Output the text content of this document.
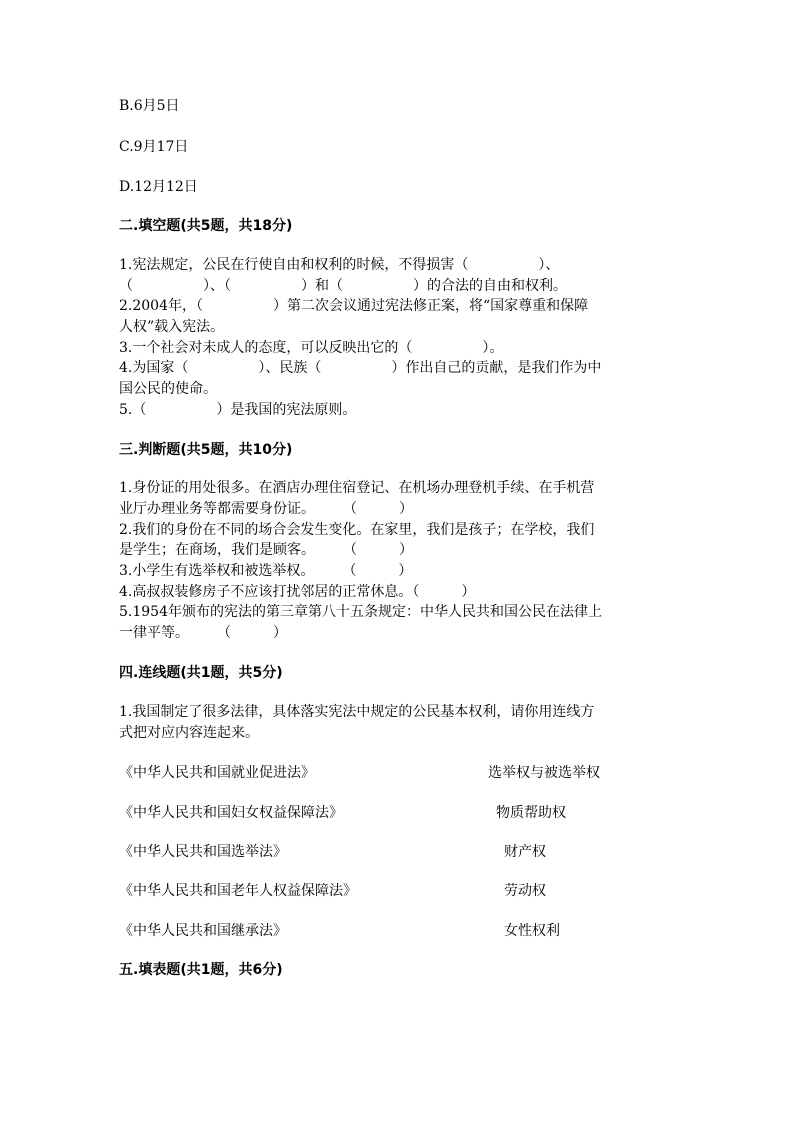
B.6月5日
C.9月17日
D.12月12日
二.填空题(共5题，共18分)
1.宪法规定，公民在行使自由和权利的时候，不得损害（　　　　　）、
（　　　　　）、（　　　　　）和（　　　　　）的合法的自由和权利。
2.2004年，（　　　　　）第二次会议通过宪法修正案，将“国家尊重和保障
人权”载入宪法。
3.一个社会对未成人的态度，可以反映出它的（　　　　　）。
4.为国家（　　　　　）、民族（　　　　　）作出自己的贡献，是我们作为中
国公民的使命。
5.（　　　　　）是我国的宪法原则。
三.判断题(共5题，共10分)
1.身份证的用处很多。在酒店办理住宿登记、在机场办理登机手续、在手机营
业厅办理业务等都需要身份证。　　　（　　　）
2.我们的身份在不同的场合会发生变化。在家里，我们是孩子；在学校，我们
是学生；在商场，我们是顾客。　　　（　　　）
3.小学生有选举权和被选举权。　　　（　　　）
4.高叔叔装修房子不应该打扰邻居的正常休息。（　　　）
5.1954年颁布的宪法的第三章第八十五条规定：中华人民共和国公民在法律上
一律平等。　　　（　　　）
四.连线题(共1题，共5分)
1.我国制定了很多法律，具体落实宪法中规定的公民基本权利，请你用连线方
式把对应内容连起来。
《中华人民共和国就业促进法》	选举权与被选举权
《中华人民共和国妇女权益保障法》	物质帮助权
《中华人民共和国选举法》	财产权
《中华人民共和国老年人权益保障法》	劳动权
《中华人民共和国继承法》	女性权利
五.填表题(共1题，共6分)
